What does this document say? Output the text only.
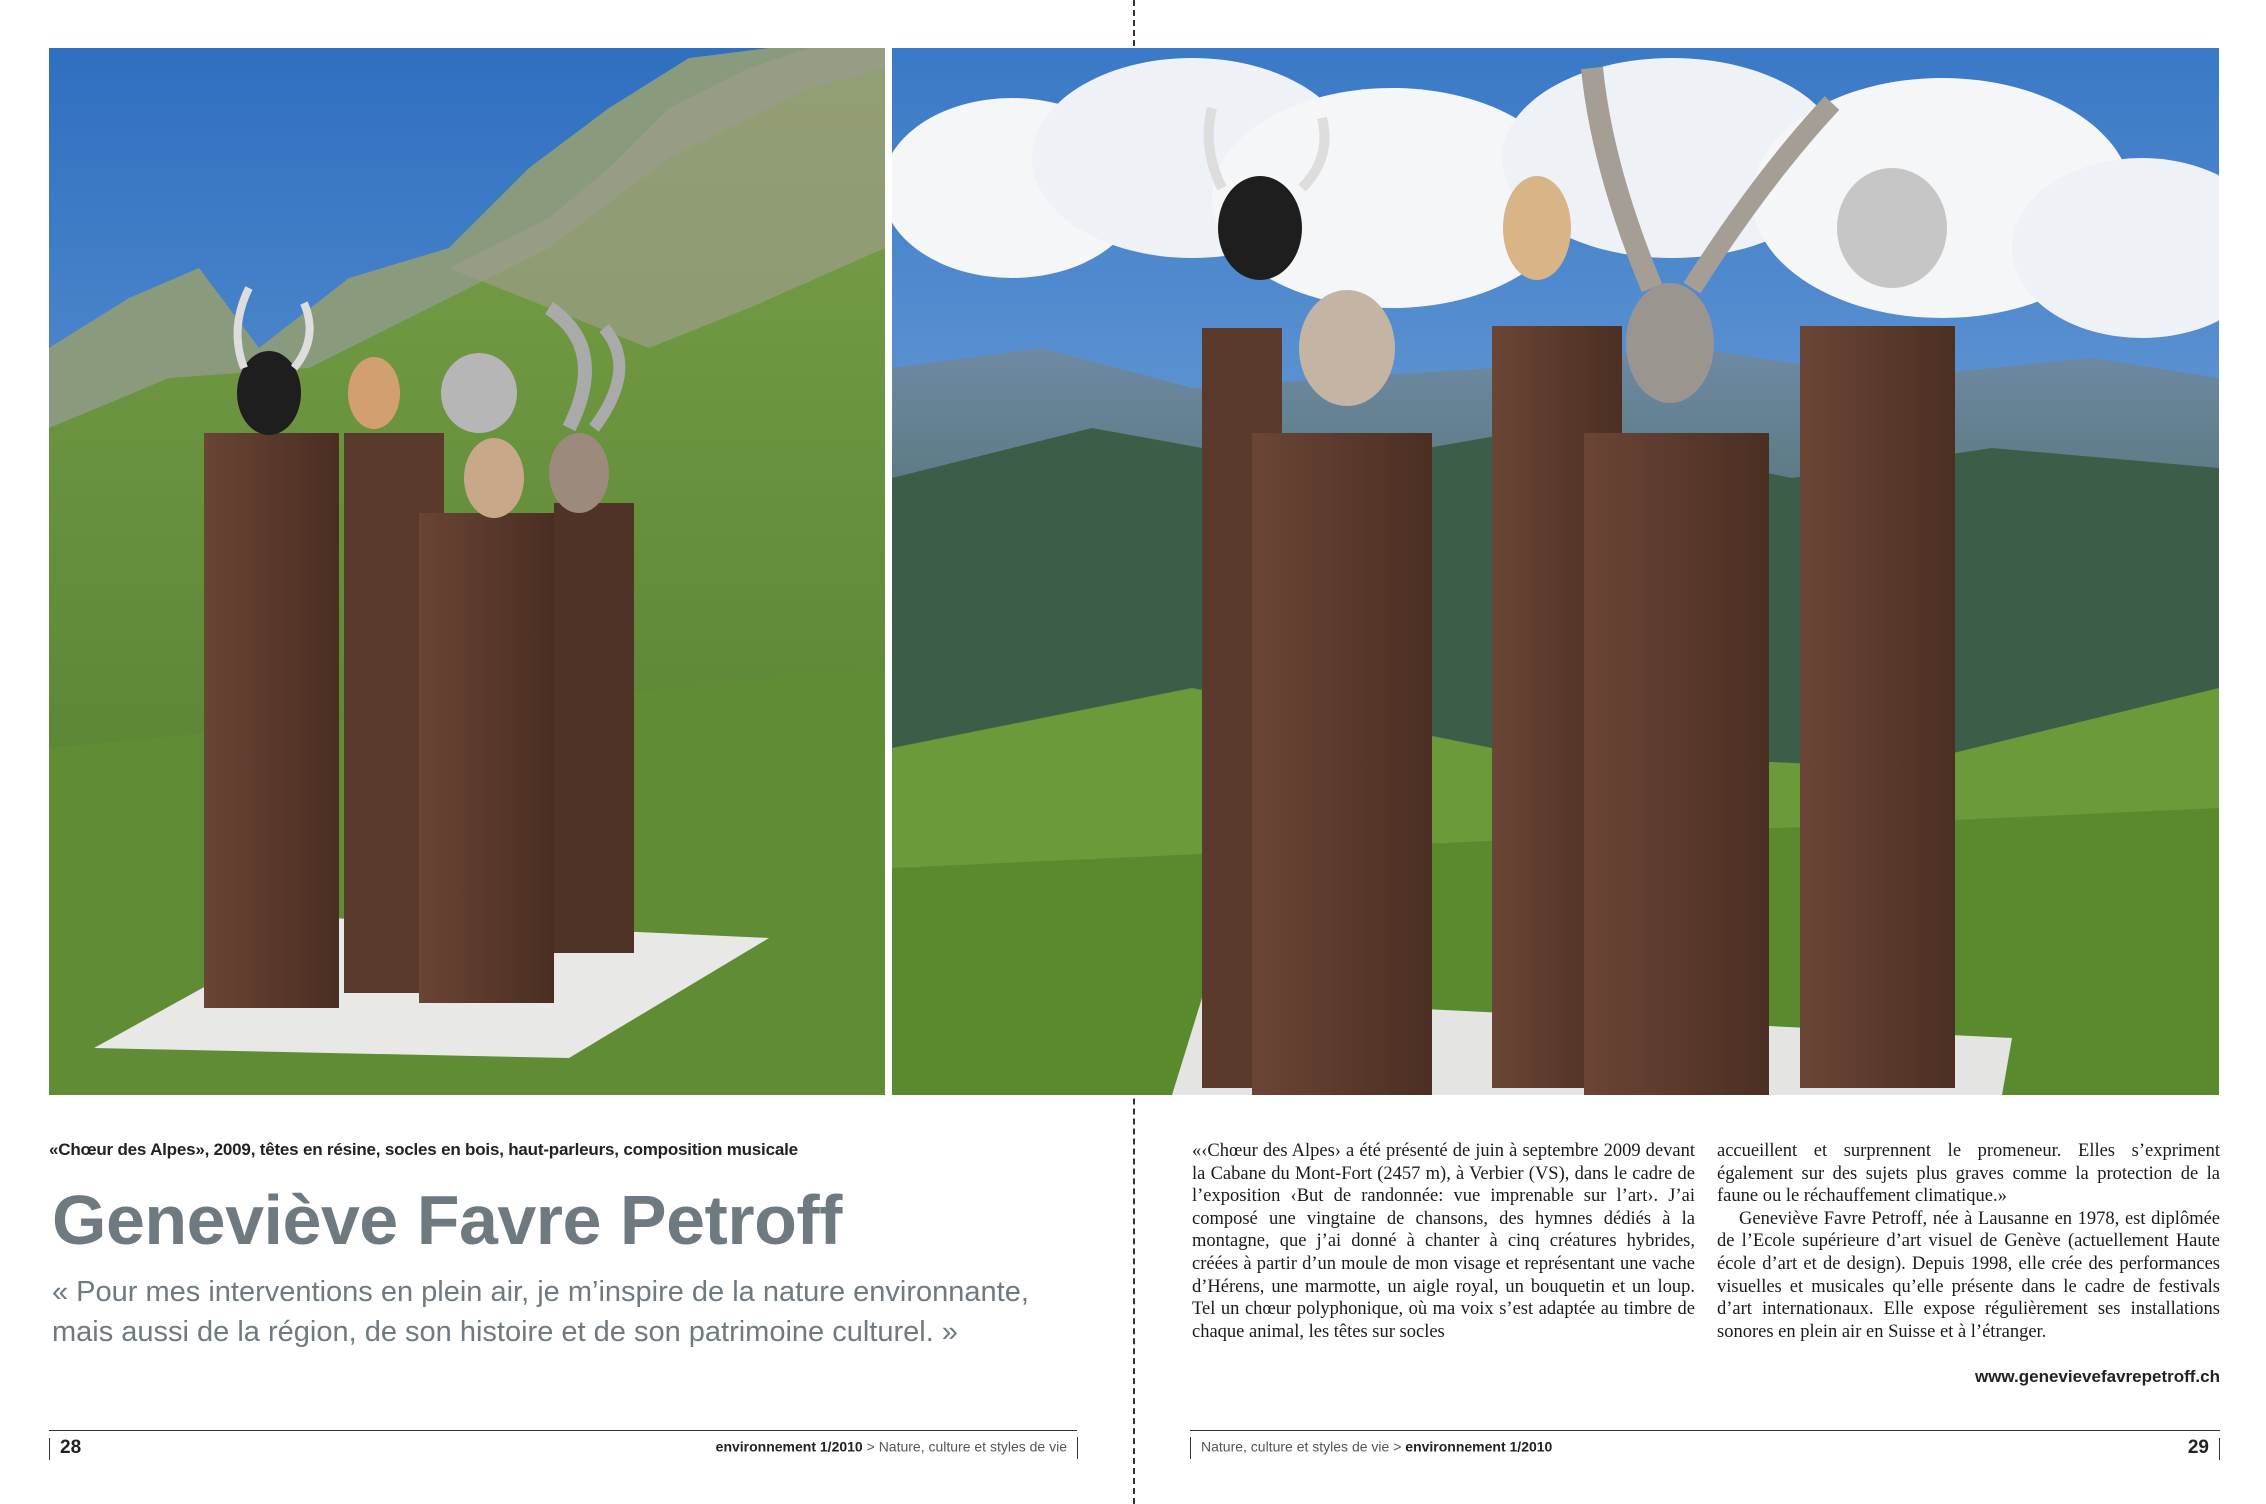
«Chœur des Alpes», 2009, têtes en résine, socles en bois, haut-parleurs, composition musicale
Geneviève Favre Petroff
« Pour mes interventions en plein air, je m’inspire de la nature environnante, mais aussi de la région, de son histoire et de son patrimoine culturel. »

«‹Chœur des Alpes› a été présenté de juin à septembre 2009 devant la Cabane du Mont-Fort (2457 m), à Verbier (VS), dans le cadre de l’exposition ‹But de randonnée: vue imprenable sur l’art›. J’ai composé une vingtaine de chansons, des hymnes dédiés à la montagne, que j’ai donné à chanter à cinq créatures hybrides, créées à partir d’un moule de mon visage et représentant une vache d’Hérens, une marmotte, un aigle royal, un bouquetin et un loup. Tel un chœur polyphonique, où ma voix s’est adaptée au timbre de chaque animal, les têtes sur socles

accueillent et surprennent le promeneur. Elles s’expriment également sur des sujets plus graves comme la protection de la faune ou le réchauffement climatique.»

Geneviève Favre Petroff, née à Lausanne en 1978, est diplômée de l’Ecole supérieure d’art visuel de Genève (actuellement Haute école d’art et de design). Depuis 1998, elle crée des performances visuelles et musicales qu’elle présente dans le cadre de festivals d’art internationaux. Elle expose régulièrement ses installations sonores en plein air en Suisse et à l’étranger.

www.genevievefavrepetroff.ch
28	environnement 1/2010 > Nature, culture et styles de vie	Nature, culture et styles de vie > environnement 1/2010	29
